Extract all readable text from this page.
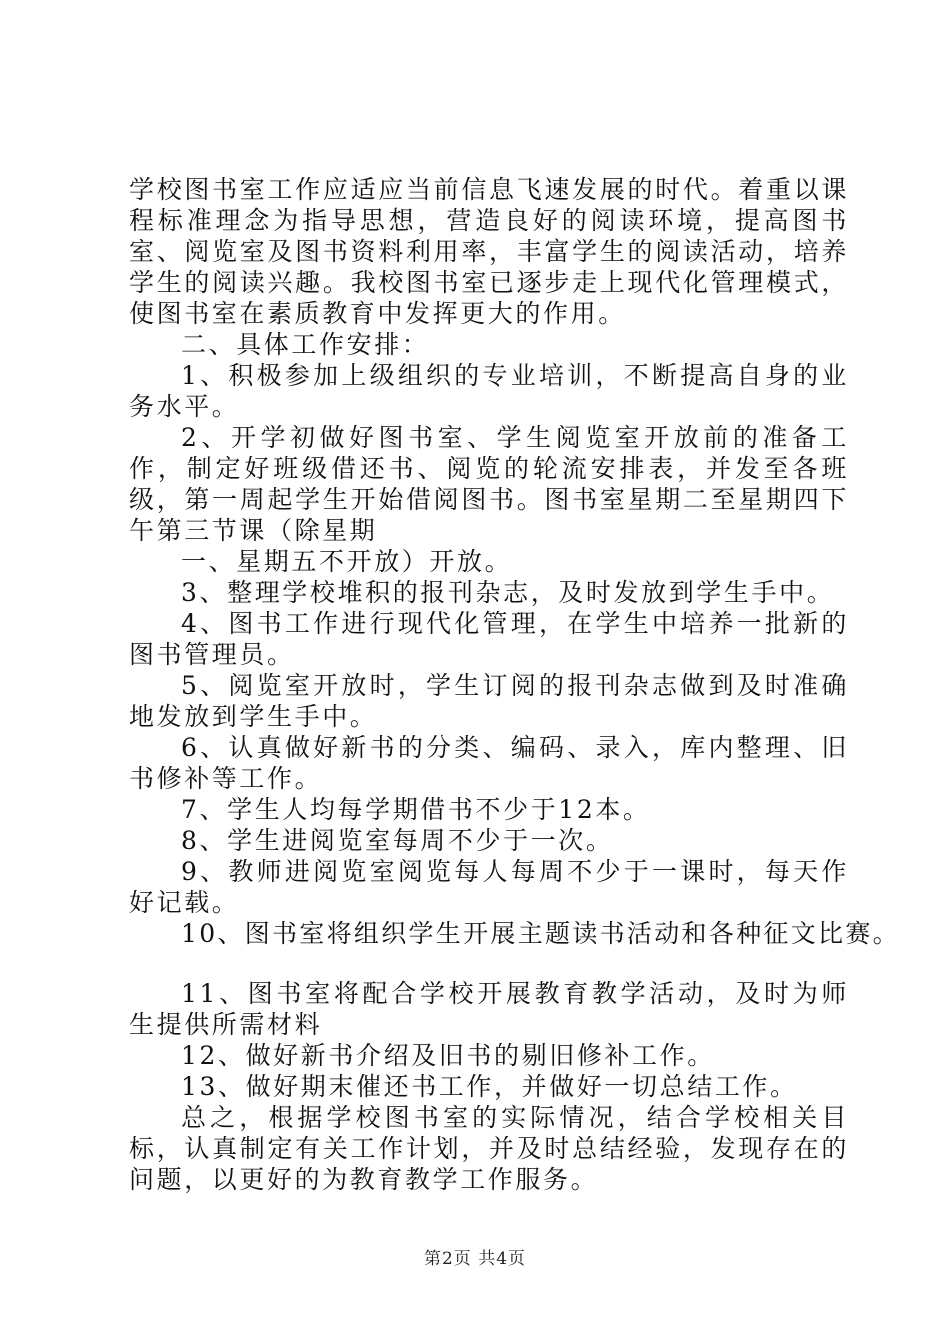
学校图书室工作应适应当前信息飞速发展的时代。着重以课程标准理念为指导思想，营造良好的阅读环境，提高图书室、阅览室及图书资料利用率，丰富学生的阅读活动，培养学生的阅读兴趣。我校图书室已逐步走上现代化管理模式，使图书室在素质教育中发挥更大的作用。

二、具体工作安排：

1、积极参加上级组织的专业培训，不断提高自身的业务水平。

2、开学初做好图书室、学生阅览室开放前的准备工作，制定好班级借还书、阅览的轮流安排表，并发至各班级，第一周起学生开始借阅图书。图书室星期二至星期四下午第三节课（除星期

一、星期五不开放）开放。

3、整理学校堆积的报刊杂志，及时发放到学生手中。

4、图书工作进行现代化管理，在学生中培养一批新的图书管理员。

5、阅览室开放时，学生订阅的报刊杂志做到及时准确地发放到学生手中。

6、认真做好新书的分类、编码、录入，库内整理、旧书修补等工作。

7、学生人均每学期借书不少于12本。

8、学生进阅览室每周不少于一次。

9、教师进阅览室阅览每人每周不少于一课时，每天作好记载。

10、图书室将组织学生开展主题读书活动和各种征文比赛。

11、图书室将配合学校开展教育教学活动，及时为师生提供所需材料

12、做好新书介绍及旧书的剔旧修补工作。

13、做好期末催还书工作，并做好一切总结工作。

总之，根据学校图书室的实际情况，结合学校相关目标，认真制定有关工作计划，并及时总结经验，发现存在的问题，以更好的为教育教学工作服务。

第2页 共4页
